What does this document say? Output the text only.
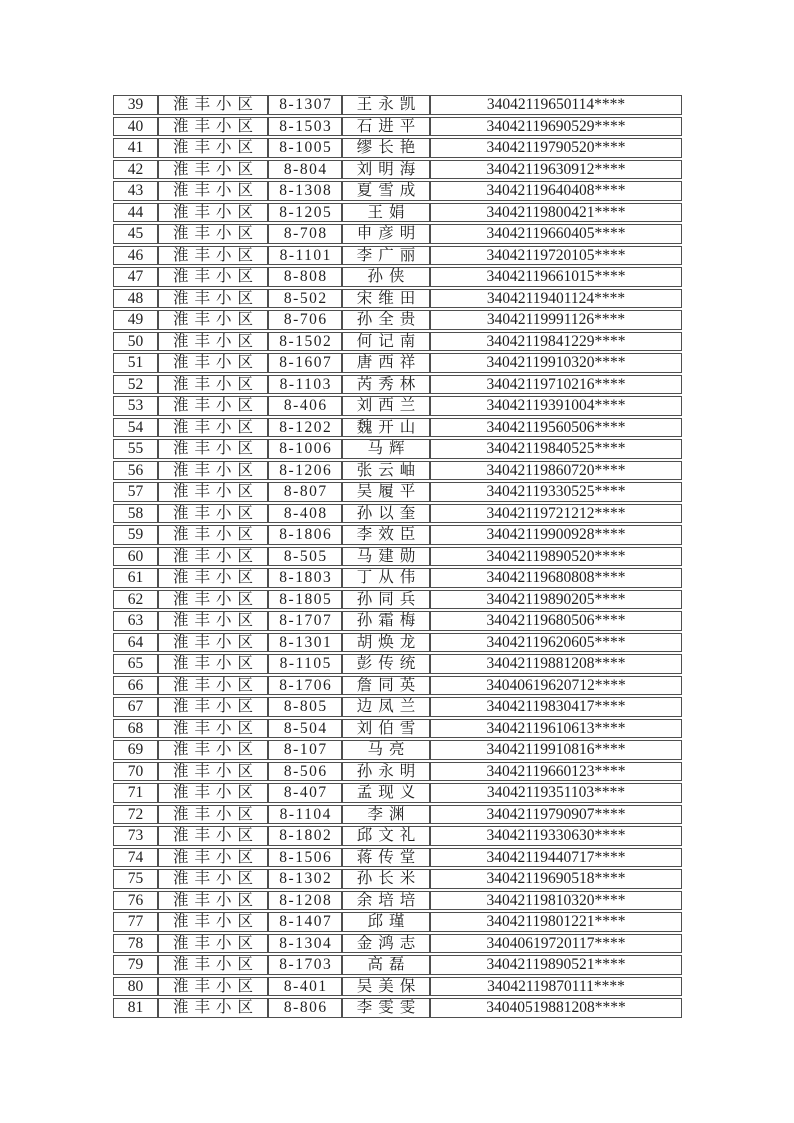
39	淮丰小区	8-1307	王永凯	34042119650114****
40	淮丰小区	8-1503	石进平	34042119690529****
41	淮丰小区	8-1005	缪长艳	34042119790520****
42	淮丰小区	8-804	刘明海	34042119630912****
43	淮丰小区	8-1308	夏雪成	34042119640408****
44	淮丰小区	8-1205	王娟	34042119800421****
45	淮丰小区	8-708	申彦明	34042119660405****
46	淮丰小区	8-1101	李广丽	34042119720105****
47	淮丰小区	8-808	孙侠	34042119661015****
48	淮丰小区	8-502	宋维田	34042119401124****
49	淮丰小区	8-706	孙全贵	34042119991126****
50	淮丰小区	8-1502	何记南	34042119841229****
51	淮丰小区	8-1607	唐西祥	34042119910320****
52	淮丰小区	8-1103	芮秀林	34042119710216****
53	淮丰小区	8-406	刘西兰	34042119391004****
54	淮丰小区	8-1202	魏开山	34042119560506****
55	淮丰小区	8-1006	马辉	34042119840525****
56	淮丰小区	8-1206	张云岫	34042119860720****
57	淮丰小区	8-807	吴履平	34042119330525****
58	淮丰小区	8-408	孙以奎	34042119721212****
59	淮丰小区	8-1806	李效臣	34042119900928****
60	淮丰小区	8-505	马建勋	34042119890520****
61	淮丰小区	8-1803	丁从伟	34042119680808****
62	淮丰小区	8-1805	孙同兵	34042119890205****
63	淮丰小区	8-1707	孙霜梅	34042119680506****
64	淮丰小区	8-1301	胡焕龙	34042119620605****
65	淮丰小区	8-1105	彭传统	34042119881208****
66	淮丰小区	8-1706	詹同英	34040619620712****
67	淮丰小区	8-805	边凤兰	34042119830417****
68	淮丰小区	8-504	刘伯雪	34042119610613****
69	淮丰小区	8-107	马亮	34042119910816****
70	淮丰小区	8-506	孙永明	34042119660123****
71	淮丰小区	8-407	孟现义	34042119351103****
72	淮丰小区	8-1104	李渊	34042119790907****
73	淮丰小区	8-1802	邱文礼	34042119330630****
74	淮丰小区	8-1506	蒋传堂	34042119440717****
75	淮丰小区	8-1302	孙长米	34042119690518****
76	淮丰小区	8-1208	余培培	34042119810320****
77	淮丰小区	8-1407	邱瑾	34042119801221****
78	淮丰小区	8-1304	金鸿志	34040619720117****
79	淮丰小区	8-1703	高磊	34042119890521****
80	淮丰小区	8-401	吴美保	34042119870111****
81	淮丰小区	8-806	李雯雯	34040519881208****
